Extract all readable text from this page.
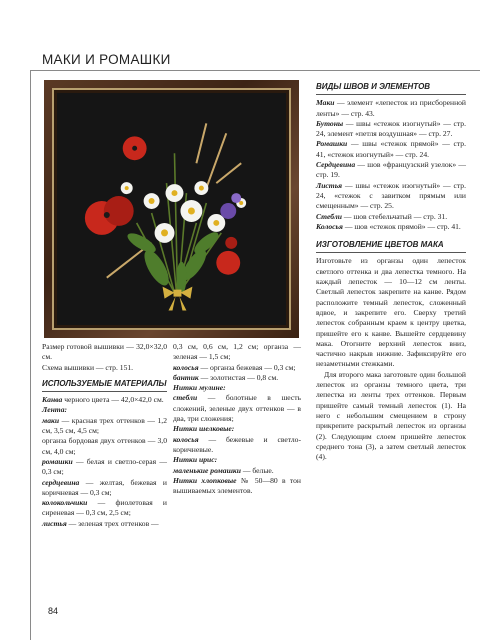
МАКИ И РОМАШКИ

Размер готовой вышивки — 32,0×32,0 см.

Схема вышивки — стр. 151.

ИСПОЛЬЗУЕМЫЕ МАТЕРИАЛЫ

Канва черного цвета — 42,0×42,0 см.

Лента:

маки — красная трех оттенков — 1,2 см, 3,5 см, 4,5 см;

органза бордовая двух оттенков — 3,0 см, 4,0 см;

ромашки — белая и светло-серая — 0,3 см;

сердцевина — желтая, бежевая и коричневая — 0,3 см;

колокольчики — фиолетовая и сиреневая — 0,3 см, 2,5 см;

листья — зеленая трех оттенков —

0,3 см, 0,6 см, 1,2 см; органза — зеленая — 1,5 см;

колосья — органза бежевая — 0,3 см;

бантик — золотистая — 0,8 см.

Нитки мулине:

стебли — болотные в шесть сложений, зеленые двух оттенков — в два, три сложения;

Нитки шелковые:

колосья — бежевые и светло-коричневые.

Нитки ирис:

маленькие ромашки — белые.

Нитки хлопковые № 50—80 в тон вышиваемых элементов.

ВИДЫ ШВОВ И ЭЛЕМЕНТОВ

Маки — элемент «лепесток из присборенной ленты» — стр. 43.

Бутоны — швы «стежок изогнутый» — стр. 24, элемент «петля воздушная» — стр. 27.

Ромашки — швы «стежок прямой» — стр. 41, «стежок изогнутый» — стр. 24.

Сердцевина — шов «французский узелок» — стр. 19.

Листья — швы «стежок изогнутый» — стр. 24, «стежок с завитком прямым или смещенным» — стр. 25.

Стебли — шов стебельчатый — стр. 31.

Колосья — шов «стежок прямой» — стр. 41.

ИЗГОТОВЛЕНИЕ ЦВЕТОВ МАКА

Изготовьте из органзы один лепесток светлого оттенка и два лепестка темного. На каждый лепесток — 10—12 см ленты. Светлый лепесток закрепите на канве. Рядом расположите темный лепесток, сложенный вдвое, и закрепите его. Сверху третий лепесток собранным краем к центру цветка, пришейте его к канве. Вышейте сердцевину мака. Отогните верхний лепесток вниз, частично накрыв нижние. Зафиксируйте его незаметными стежками.

Для второго мака заготовьте один большой лепесток из органзы темного цвета, три лепестка из ленты трех оттенков. Первым пришейте самый темный лепесток (1). На него с небольшим смещением в строну прикрепите раскрытый лепесток из органзы (2). Следующим слоем пришейте лепесток среднего тона (3), а затем светлый лепесток (4).

84
